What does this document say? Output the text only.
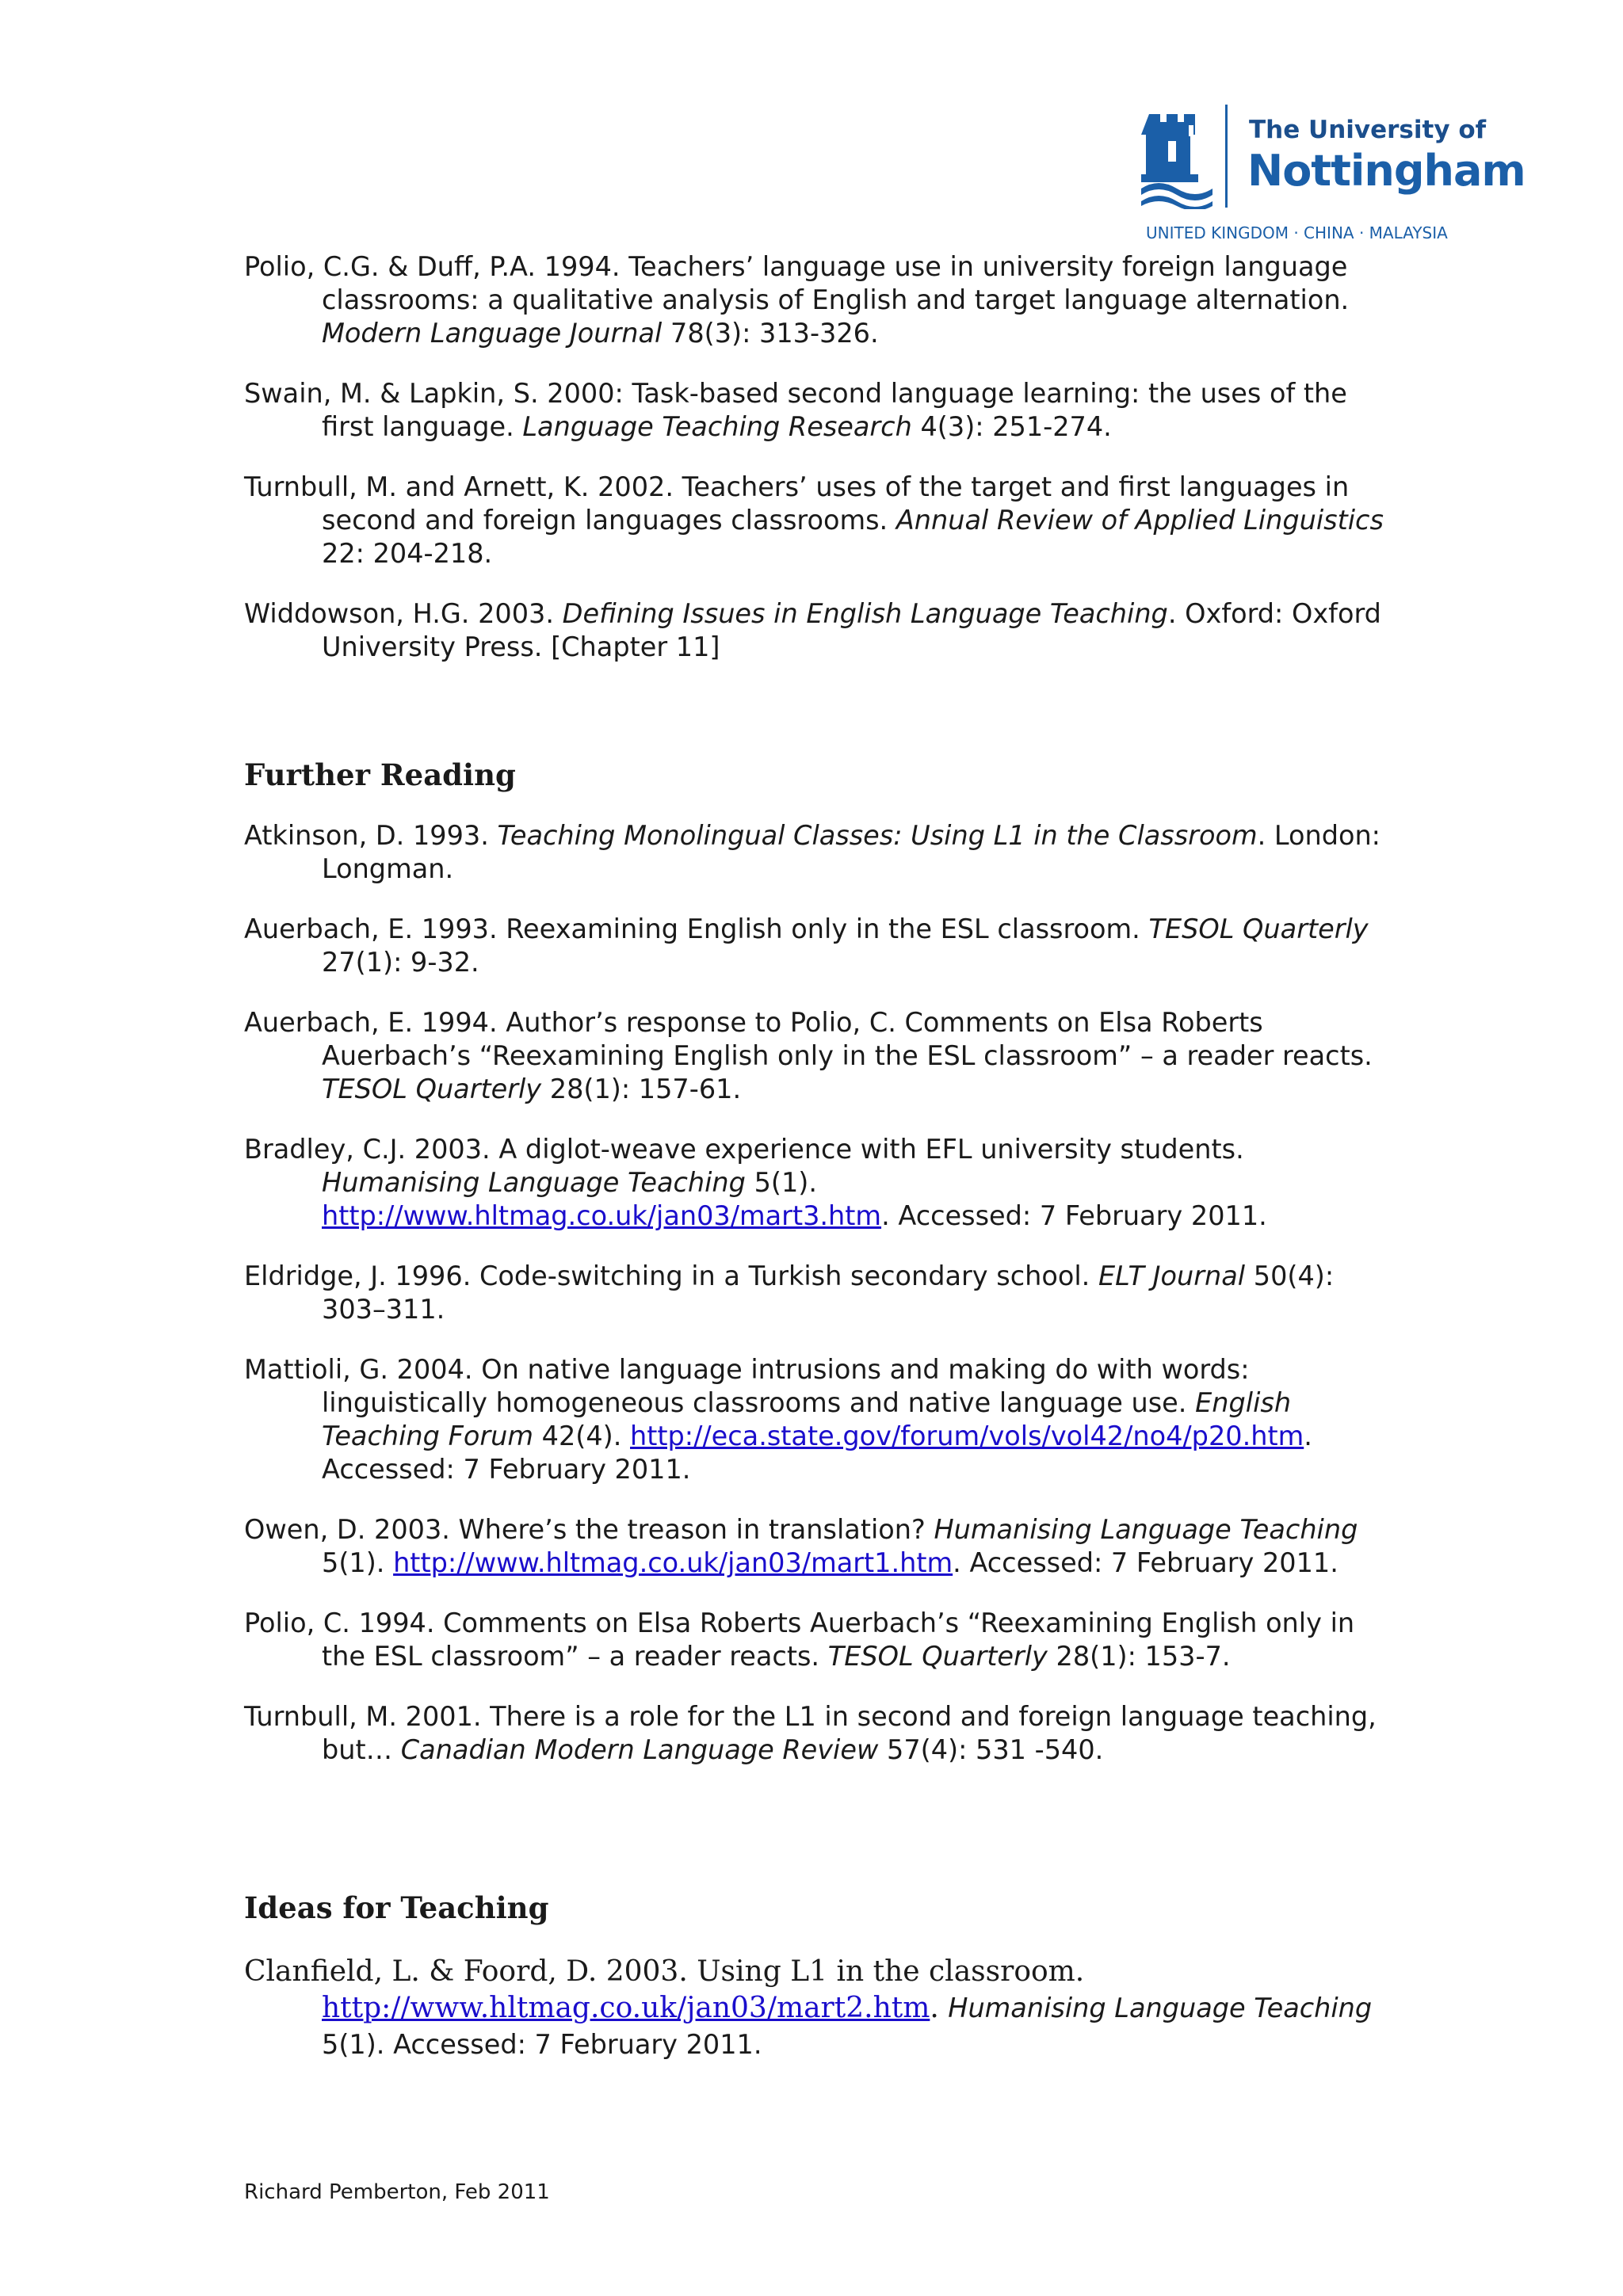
The University of
Nottingham
UNITED KINGDOM · CHINA · MALAYSIA

Polio, C.G. & Duff, P.A. 1994. Teachers’ language use in university foreign language classrooms: a qualitative analysis of English and target language alternation. Modern Language Journal 78(3): 313-326.

Swain, M. & Lapkin, S. 2000: Task-based second language learning: the uses of the first language. Language Teaching Research 4(3): 251-274.

Turnbull, M. and Arnett, K. 2002. Teachers’ uses of the target and first languages in second and foreign languages classrooms. Annual Review of Applied Linguistics 22: 204-218.

Widdowson, H.G. 2003. Defining Issues in English Language Teaching. Oxford: Oxford University Press. [Chapter 11]

Further Reading

Atkinson, D. 1993. Teaching Monolingual Classes: Using L1 in the Classroom. London: Longman.

Auerbach, E. 1993. Reexamining English only in the ESL classroom. TESOL Quarterly 27(1): 9-32.

Auerbach, E. 1994. Author’s response to Polio, C. Comments on Elsa Roberts Auerbach’s “Reexamining English only in the ESL classroom” – a reader reacts. TESOL Quarterly 28(1): 157-61.

Bradley, C.J. 2003. A diglot-weave experience with EFL university students. Humanising Language Teaching 5(1). http://www.hltmag.co.uk/jan03/mart3.htm. Accessed: 7 February 2011.

Eldridge, J. 1996. Code-switching in a Turkish secondary school. ELT Journal 50(4): 303–311.

Mattioli, G. 2004. On native language intrusions and making do with words: linguistically homogeneous classrooms and native language use. English Teaching Forum 42(4). http://eca.state.gov/forum/vols/vol42/no4/p20.htm. Accessed: 7 February 2011.

Owen, D. 2003. Where’s the treason in translation? Humanising Language Teaching 5(1). http://www.hltmag.co.uk/jan03/mart1.htm. Accessed: 7 February 2011.

Polio, C. 1994. Comments on Elsa Roberts Auerbach’s “Reexamining English only in the ESL classroom” – a reader reacts. TESOL Quarterly 28(1): 153-7.

Turnbull, M. 2001. There is a role for the L1 in second and foreign language teaching, but… Canadian Modern Language Review 57(4): 531 -540.

Ideas for Teaching

Clanfield, L. & Foord, D. 2003. Using L1 in the classroom. http://www.hltmag.co.uk/jan03/mart2.htm. Humanising Language Teaching 5(1). Accessed: 7 February 2011.

Richard Pemberton, Feb 2011
